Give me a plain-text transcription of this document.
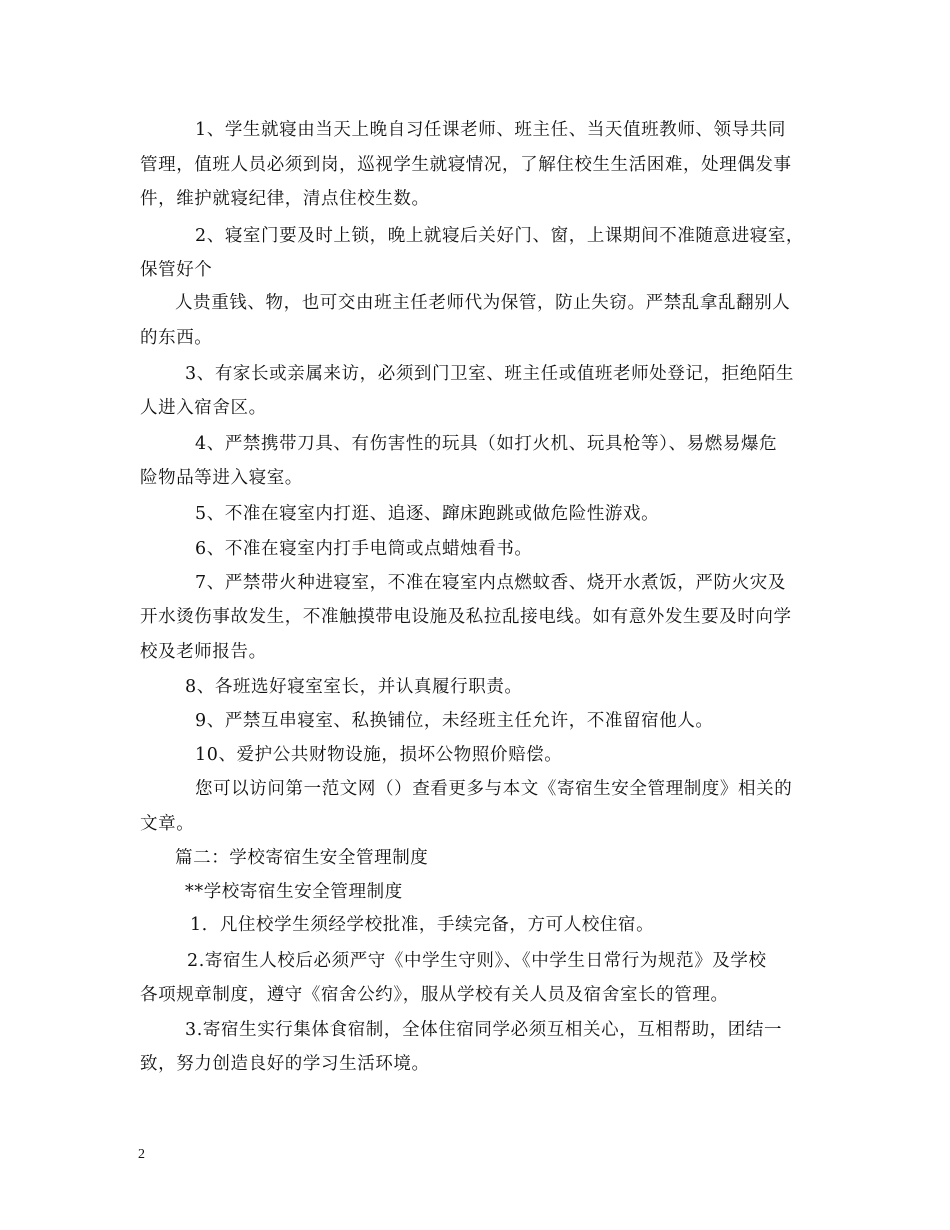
1、学生就寝由当天上晚自习任课老师、班主任、当天值班教师、领导共同
管理，值班人员必须到岗，巡视学生就寝情况，了解住校生生活困难，处理偶发事
件，维护就寝纪律，清点住校生数。
2、寝室门要及时上锁，晚上就寝后关好门、窗，上课期间不准随意进寝室，
保管好个
人贵重钱、物，也可交由班主任老师代为保管，防止失窃。严禁乱拿乱翻别人
的东西。
3、有家长或亲属来访，必须到门卫室、班主任或值班老师处登记，拒绝陌生
人进入宿舍区。
4、严禁携带刀具、有伤害性的玩具（如打火机、玩具枪等）、易燃易爆危
险物品等进入寝室。
5、不准在寝室内打逛、追逐、蹿床跑跳或做危险性游戏。
6、不准在寝室内打手电筒或点蜡烛看书。
7、严禁带火种进寝室，不准在寝室内点燃蚊香、烧开水煮饭，严防火灾及
开水烫伤事故发生，不准触摸带电设施及私拉乱接电线。如有意外发生要及时向学
校及老师报告。
8、各班选好寝室室长，并认真履行职责。
9、严禁互串寝室、私换铺位，未经班主任允许，不准留宿他人。
10、爱护公共财物设施，损坏公物照价赔偿。
您可以访问第一范文网（）查看更多与本文《寄宿生安全管理制度》相关的
文章。
篇二：学校寄宿生安全管理制度
**学校寄宿生安全管理制度
1．凡住校学生须经学校批准，手续完备，方可人校住宿。
2.寄宿生人校后必须严守《中学生守则》、《中学生日常行为规范》及学校
各项规章制度，遵守《宿舍公约》，服从学校有关人员及宿舍室长的管理。
3.寄宿生实行集体食宿制，全体住宿同学必须互相关心，互相帮助，团结一
致，努力创造良好的学习生活环境。
2
